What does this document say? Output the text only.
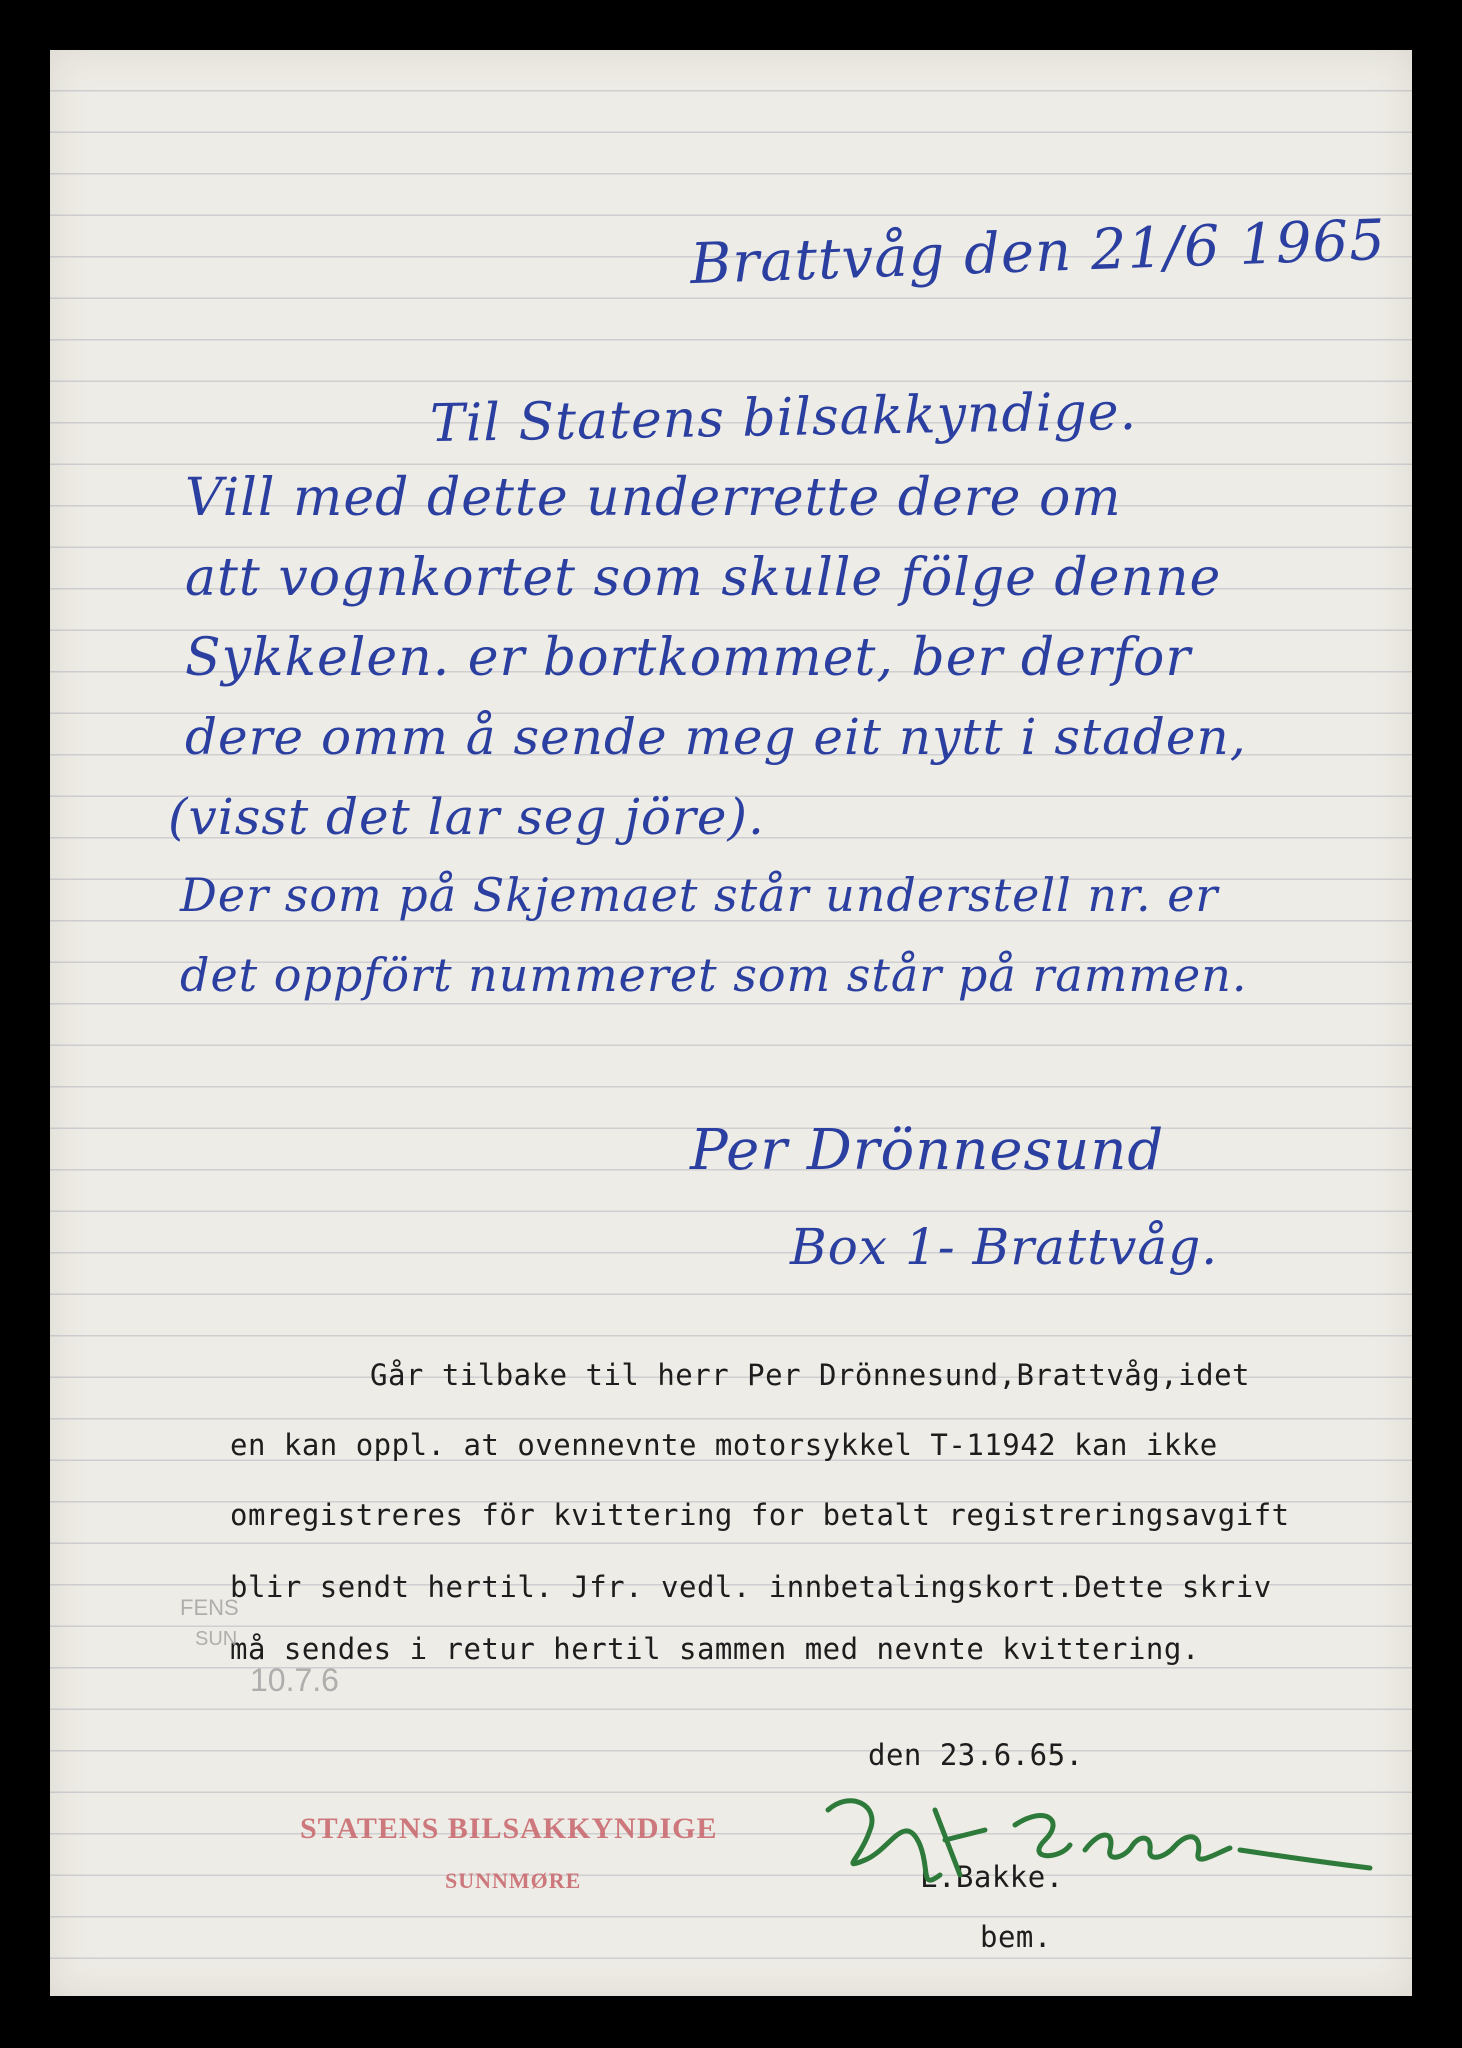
Brattvåg den 21/6 1965
Til Statens bilsakkyndige.
Vill med dette underrette dere om
att vognkortet som skulle fölge denne
Sykkelen. er bortkommet, ber derfor
dere omm å sende meg eit nytt i staden,
(visst det lar seg jöre).
Der som på Skjemaet står understell nr. er
det oppfört nummeret som står på rammen.
Per Drönnesund
Box 1- Brattvåg.
Går tilbake til herr Per Drönnesund,Brattvåg,idet
en kan oppl. at ovennevnte motorsykkel T-11942 kan ikke
omregistreres för kvittering for betalt registreringsavgift
blir sendt hertil. Jfr. vedl. innbetalingskort.Dette skriv
må sendes i retur hertil sammen med nevnte kvittering.
den 23.6.65.
L.Bakke.
bem.
FENS
SUN
10.7.6
STATENS BILSAKKYNDIGE
SUNNMØRE
